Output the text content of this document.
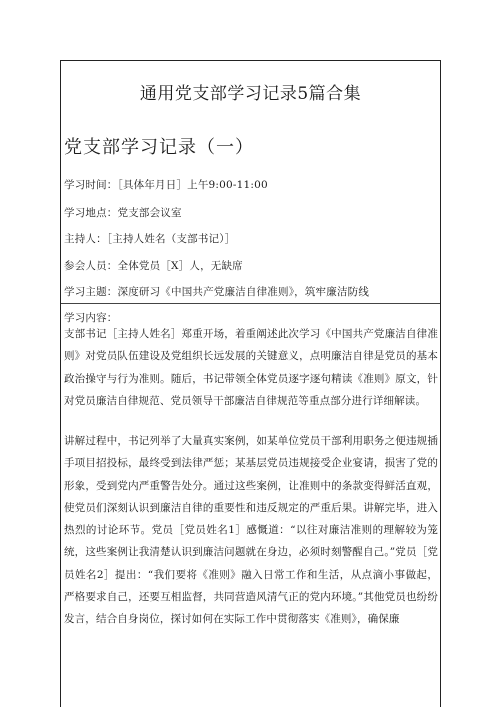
通用党支部学习记录5篇合集
党支部学习记录（一）
学习时间：［具体年月日］上午9:00-11:00
学习地点：党支部会议室
主持人：［主持人姓名（支部书记）］
参会人员：全体党员［X］人，无缺席
学习主题：深度研习《中国共产党廉洁自律准则》，筑牢廉洁防线
学习内容：
支部书记［主持人姓名］郑重开场，着重阐述此次学习《中国共产党廉洁自律准则》对党员队伍建设及党组织长远发展的关键意义，点明廉洁自律是党员的基本政治操守与行为准则。随后，书记带领全体党员逐字逐句精读《准则》原文，针对党员廉洁自律规范、党员领导干部廉洁自律规范等重点部分进行详细解读。
讲解过程中，书记列举了大量真实案例，如某单位党员干部利用职务之便违规插手项目招投标，最终受到法律严惩；某基层党员违规接受企业宴请，损害了党的形象，受到党内严重警告处分。通过这些案例，让准则中的条款变得鲜活直观，使党员们深刻认识到廉洁自律的重要性和违反规定的严重后果。讲解完毕，进入热烈的讨论环节。党员［党员姓名1］感慨道：“以往对廉洁准则的理解较为笼统，这些案例让我清楚认识到廉洁问题就在身边，必须时刻警醒自己。”党员［党员姓名2］提出：“我们要将《准则》融入日常工作和生活，从点滴小事做起，严格要求自己，还要互相监督，共同营造风清气正的党内环境。”其他党员也纷纷发言，结合自身岗位，探讨如何在实际工作中贯彻落实《准则》，确保廉
